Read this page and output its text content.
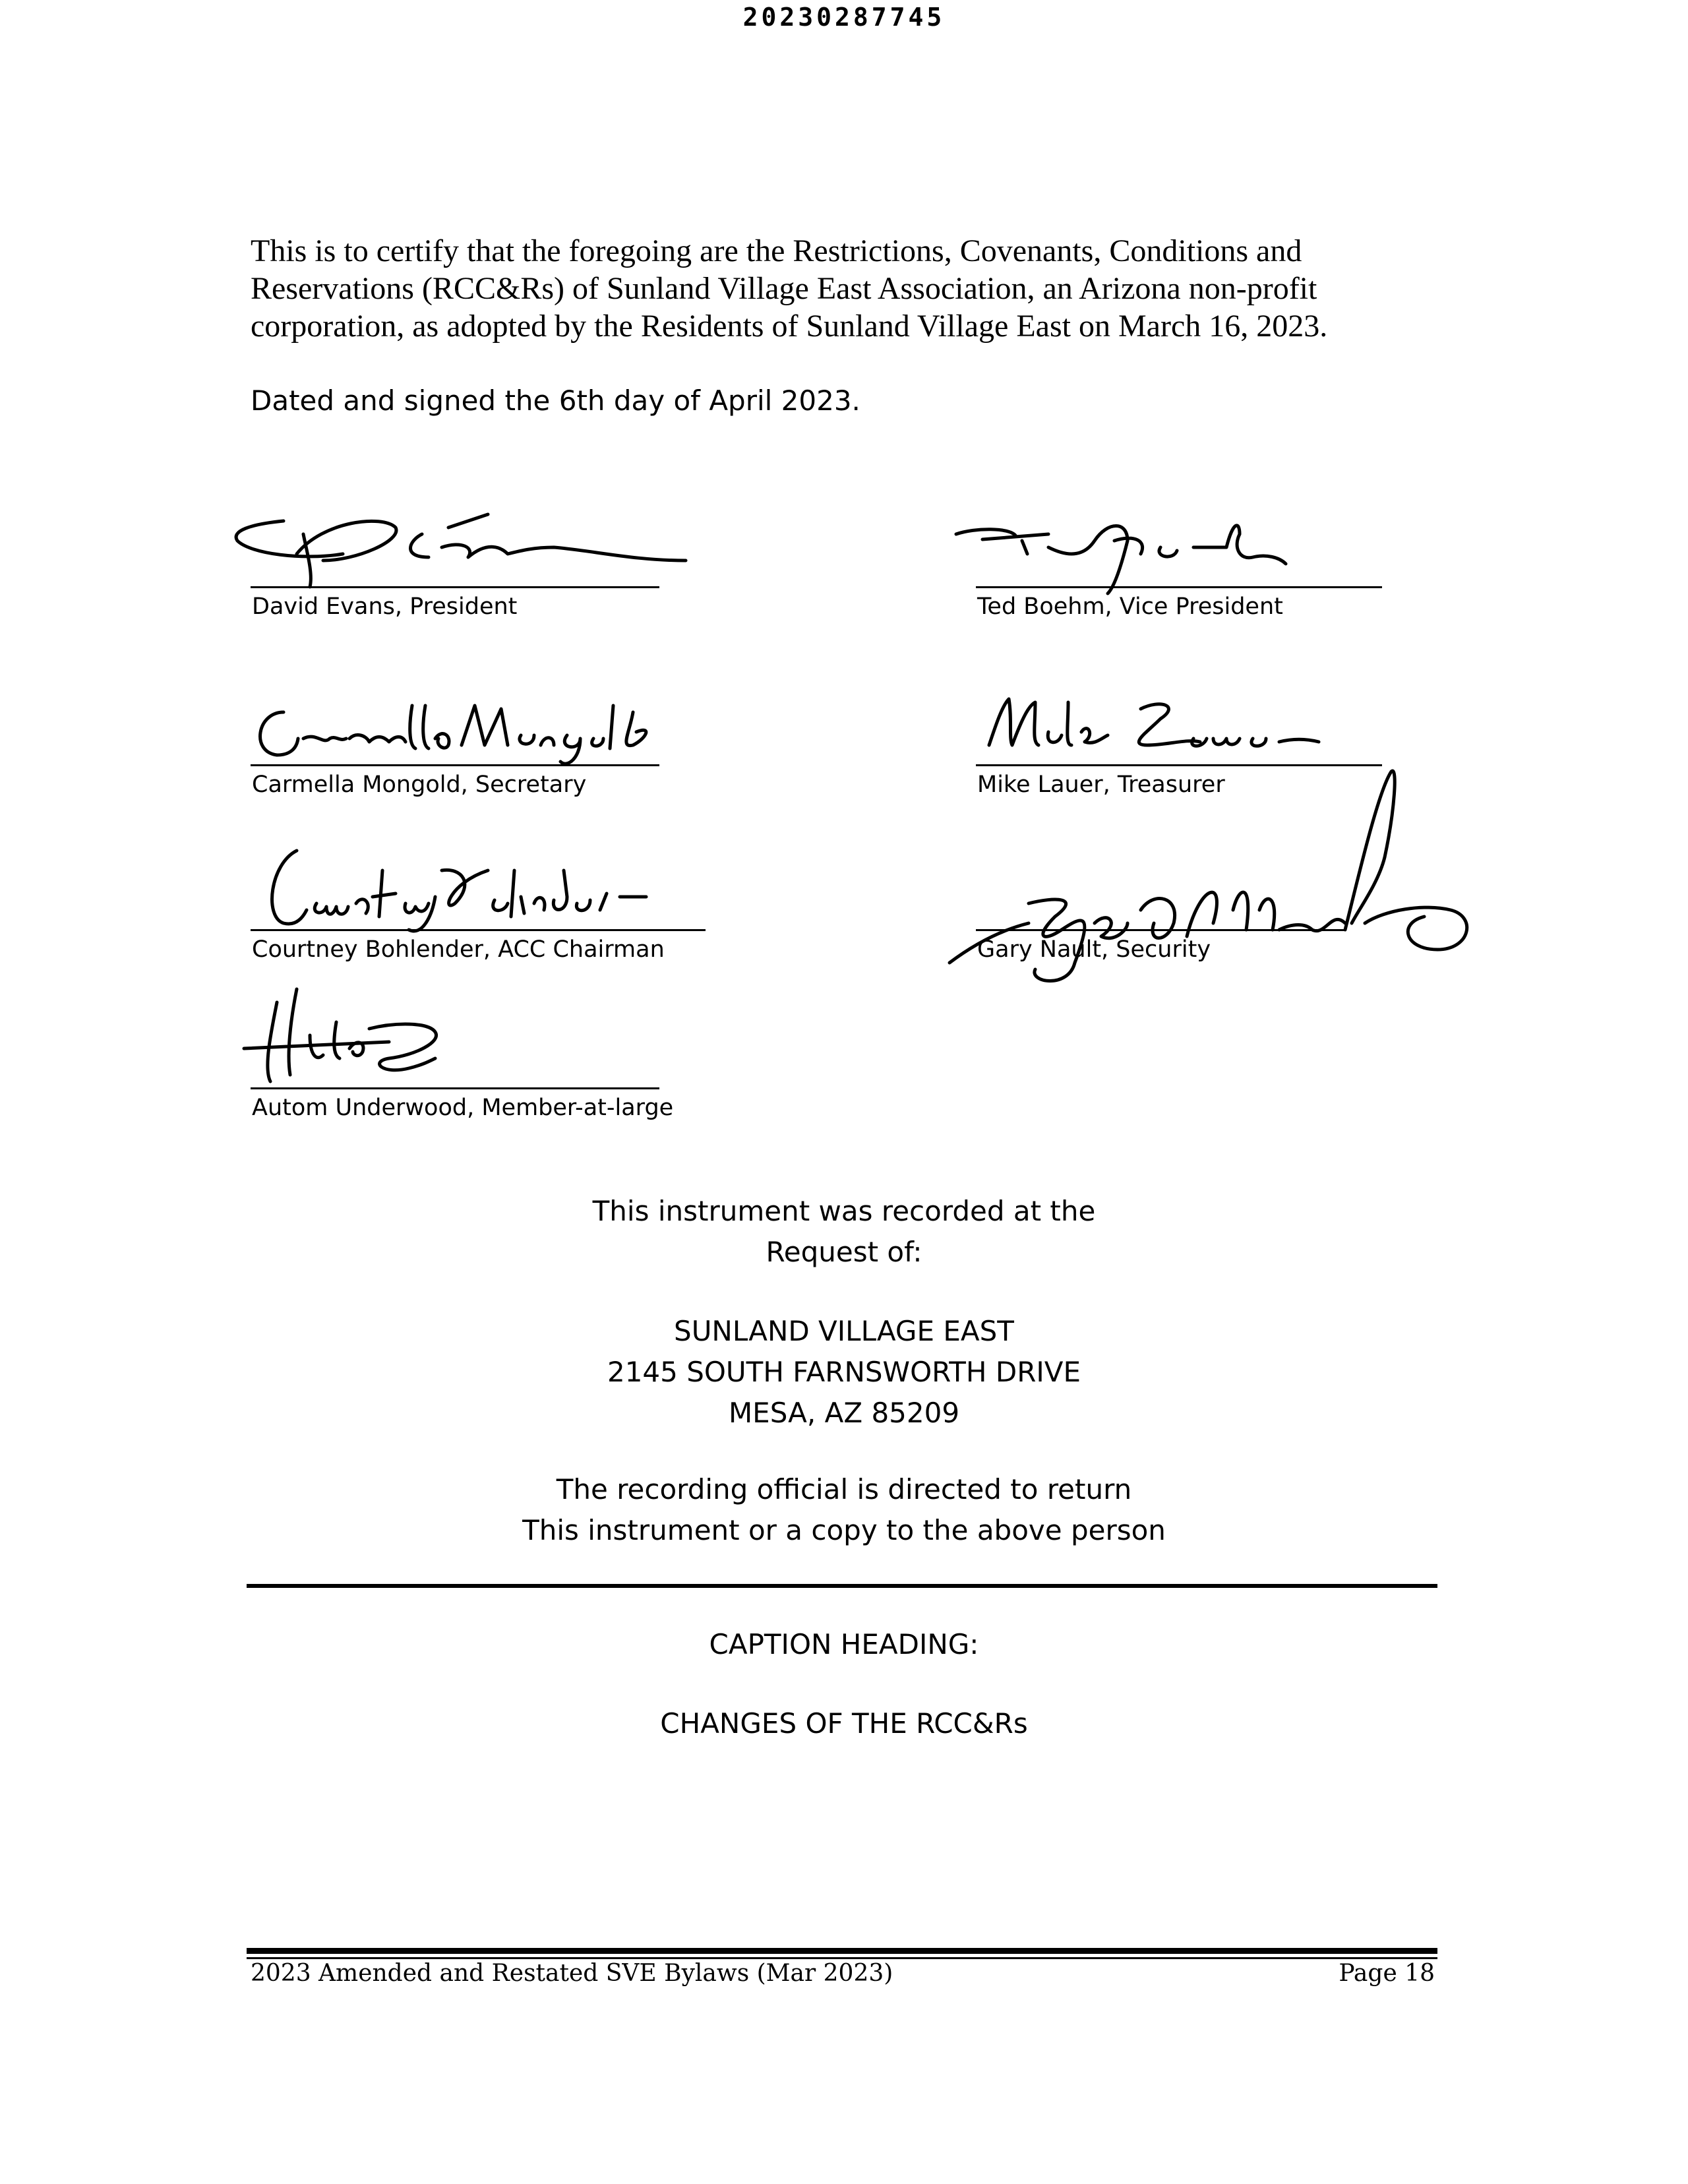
20230287745

This is to certify that the foregoing are the Restrictions, Covenants, Conditions and Reservations (RCC&Rs) of Sunland Village East Association, an Arizona non-profit corporation, as adopted by the Residents of Sunland Village East on March 16, 2023.

Dated and signed the 6th day of April 2023.

David Evans, President	Ted Boehm, Vice President
Carmella Mongold, Secretary	Mike Lauer, Treasurer
Courtney Bohlender, ACC Chairman	Gary Nault, Security
Autom Underwood, Member-at-large
This instrument was recorded at the
Request of:
SUNLAND VILLAGE EAST
2145 SOUTH FARNSWORTH DRIVE
MESA, AZ 85209
The recording official is directed to return
This instrument or a copy to the above person
CAPTION HEADING:
CHANGES OF THE RCC&Rs
2023 Amended and Restated SVE Bylaws (Mar 2023)	Page 18
